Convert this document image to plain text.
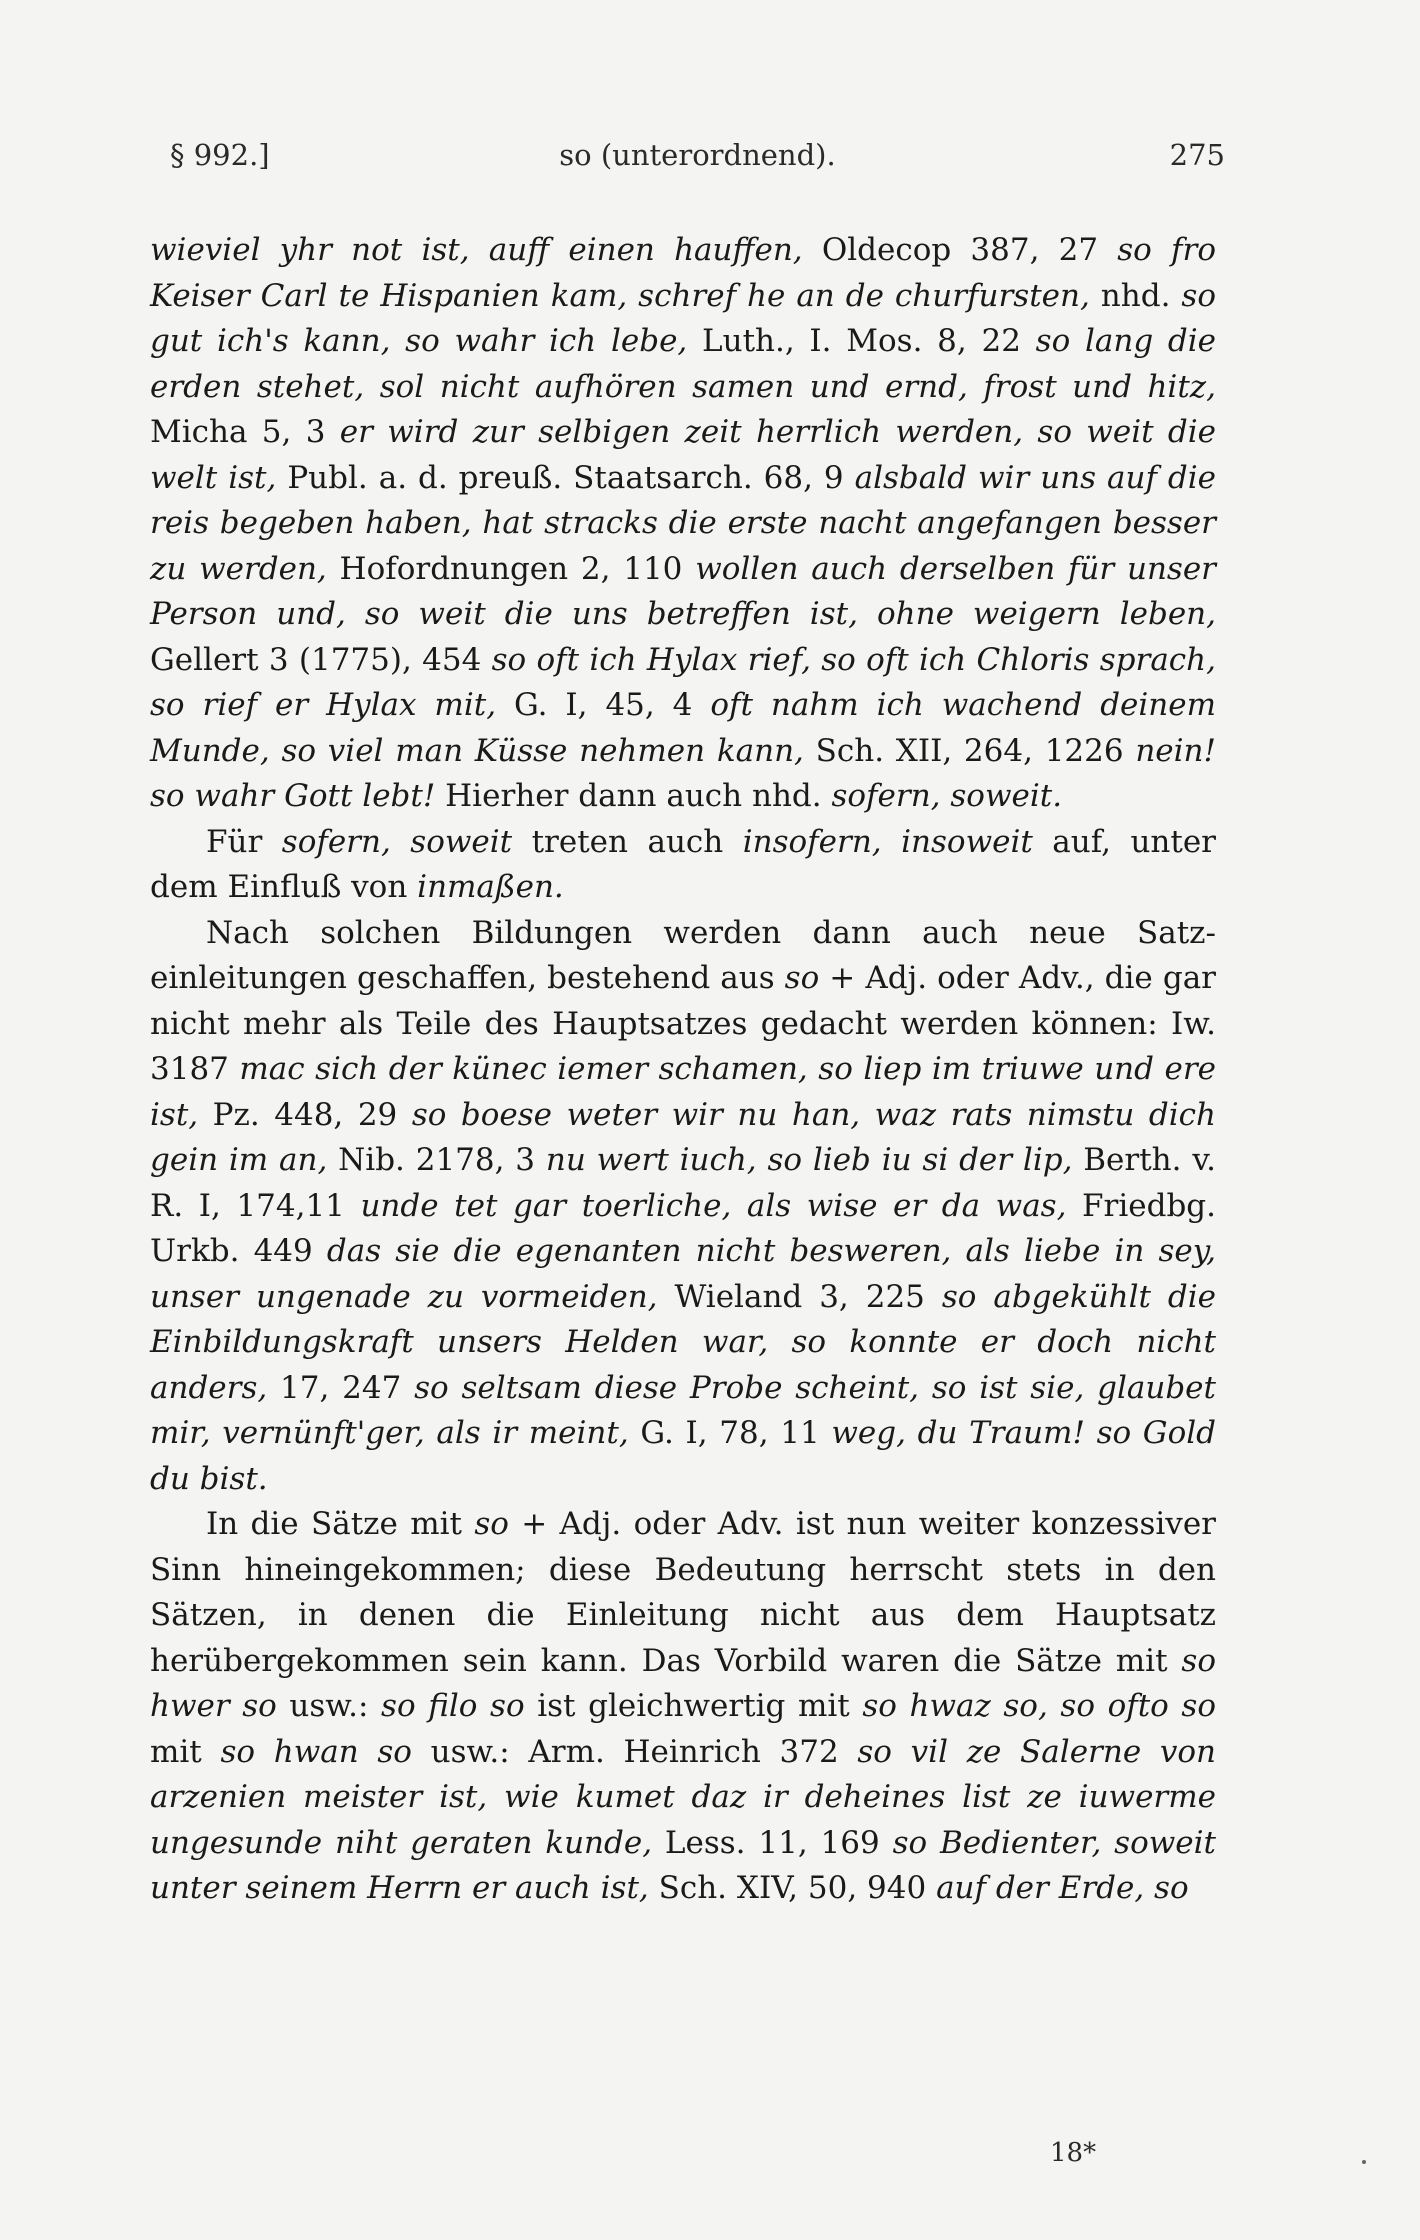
§ 992.]	so (unterordnend).	275

wieviel yhr not ist, auff einen hauffen, Oldecop 387, 27 so fro Keiser Carl te Hispanien kam, schref he an de churfursten, nhd. so gut ich's kann, so wahr ich lebe, Luth., I. Mos. 8, 22 so lang die erden stehet, sol nicht aufhören samen und ernd, frost und hitz, Micha 5, 3 er wird zur selbigen zeit herrlich werden, so weit die welt ist, Publ. a. d. preuß. Staatsarch. 68, 9 alsbald wir uns auf die reis begeben haben, hat stracks die erste nacht angefangen besser zu werden, Hofordnungen 2, 110 wollen auch derselben für unser Person und, so weit die uns betreffen ist, ohne weigern leben, Gellert 3 (1775), 454 so oft ich Hylax rief, so oft ich Chloris sprach, so rief er Hylax mit, G. I, 45, 4 oft nahm ich wachend deinem Munde, so viel man Küsse nehmen kann, Sch. XII, 264, 1226 nein! so wahr Gott lebt! Hierher dann auch nhd. sofern, soweit.

Für sofern, soweit treten auch insofern, insoweit auf, unter dem Einfluß von inmaßen.

Nach solchen Bildungen werden dann auch neue Satzeinleitungen geschaffen, bestehend aus so + Adj. oder Adv., die gar nicht mehr als Teile des Hauptsatzes gedacht werden können: Iw. 3187 mac sich der künec iemer schamen, so liep im triuwe und ere ist, Pz. 448, 29 so boese weter wir nu han, waz rats nimstu dich gein im an, Nib. 2178, 3 nu wert iuch, so lieb iu si der lip, Berth. v. R. I, 174,11 unde tet gar toerliche, als wise er da was, Friedbg. Urkb. 449 das sie die egenanten nicht besweren, als liebe in sey, unser ungenade zu vormeiden, Wieland 3, 225 so abgekühlt die Einbildungskraft unsers Helden war, so konnte er doch nicht anders, 17, 247 so seltsam diese Probe scheint, so ist sie, glaubet mir, vernünft'ger, als ir meint, G. I, 78, 11 weg, du Traum! so Gold du bist.

In die Sätze mit so + Adj. oder Adv. ist nun weiter konzessiver Sinn hineingekommen; diese Bedeutung herrscht stets in den Sätzen, in denen die Einleitung nicht aus dem Hauptsatz herübergekommen sein kann. Das Vorbild waren die Sätze mit so hwer so usw.: so filo so ist gleichwertig mit so hwaz so, so ofto so mit so hwan so usw.: Arm. Heinrich 372 so vil ze Salerne von arzenien meister ist, wie kumet daz ir deheines list ze iuwerme ungesunde niht geraten kunde, Less. 11, 169 so Bedienter, soweit unter seinem Herrn er auch ist, Sch. XIV, 50, 940 auf der Erde, so

18*
